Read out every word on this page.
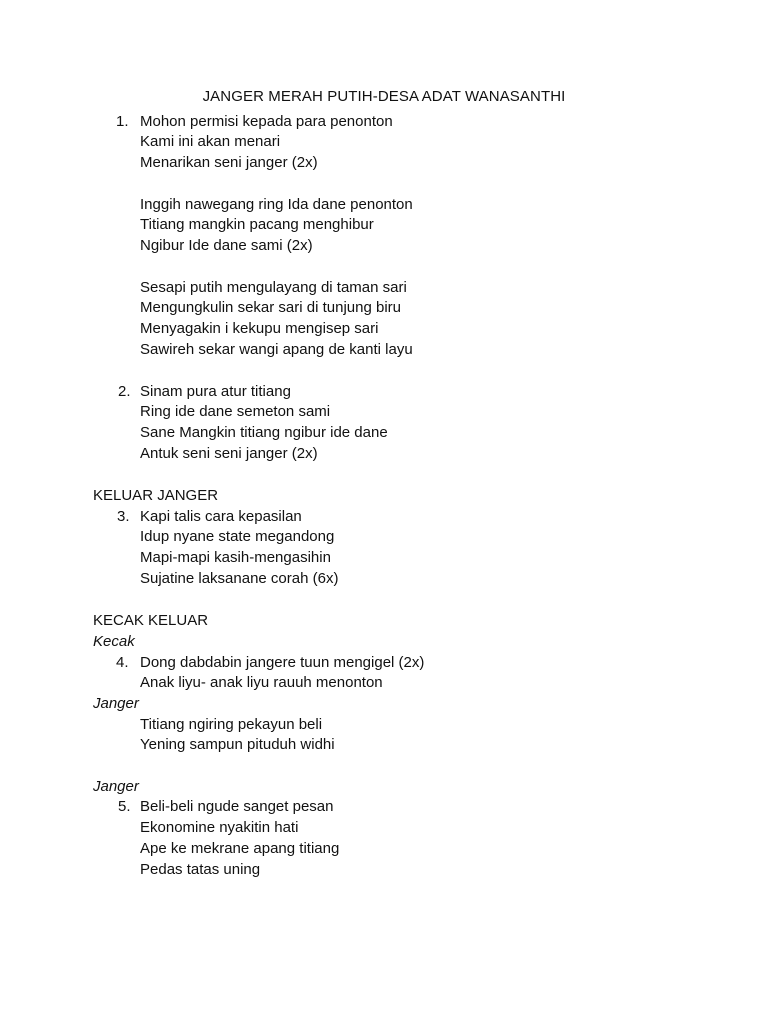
JANGER MERAH PUTIH-DESA ADAT WANASANTHI
1. Mohon permisi kepada para penonton
Kami ini akan menari
Menarikan seni janger (2x)
Inggih nawegang ring Ida dane penonton
Titiang mangkin pacang menghibur
Ngibur Ide dane sami (2x)
Sesapi putih mengulayang di taman sari
Mengungkulin sekar sari di tunjung biru
Menyagakin i kekupu mengisep sari
Sawireh sekar wangi apang de kanti layu
2. Sinam pura atur titiang
Ring ide dane semeton sami
Sane Mangkin titiang ngibur ide dane
Antuk seni seni janger (2x)
KELUAR JANGER
3. Kapi talis cara kepasilan
Idup nyane state megandong
Mapi-mapi kasih-mengasihin
Sujatine laksanane corah (6x)
KECAK KELUAR
Kecak
4. Dong dabdabin jangere tuun mengigel (2x)
Anak liyu- anak liyu rauuh menonton
Janger
Titiang ngiring pekayun beli
Yening sampun pituduh widhi
Janger
5. Beli-beli ngude sanget pesan
Ekonomine nyakitin hati
Ape ke mekrane apang titiang
Pedas tatas uning
